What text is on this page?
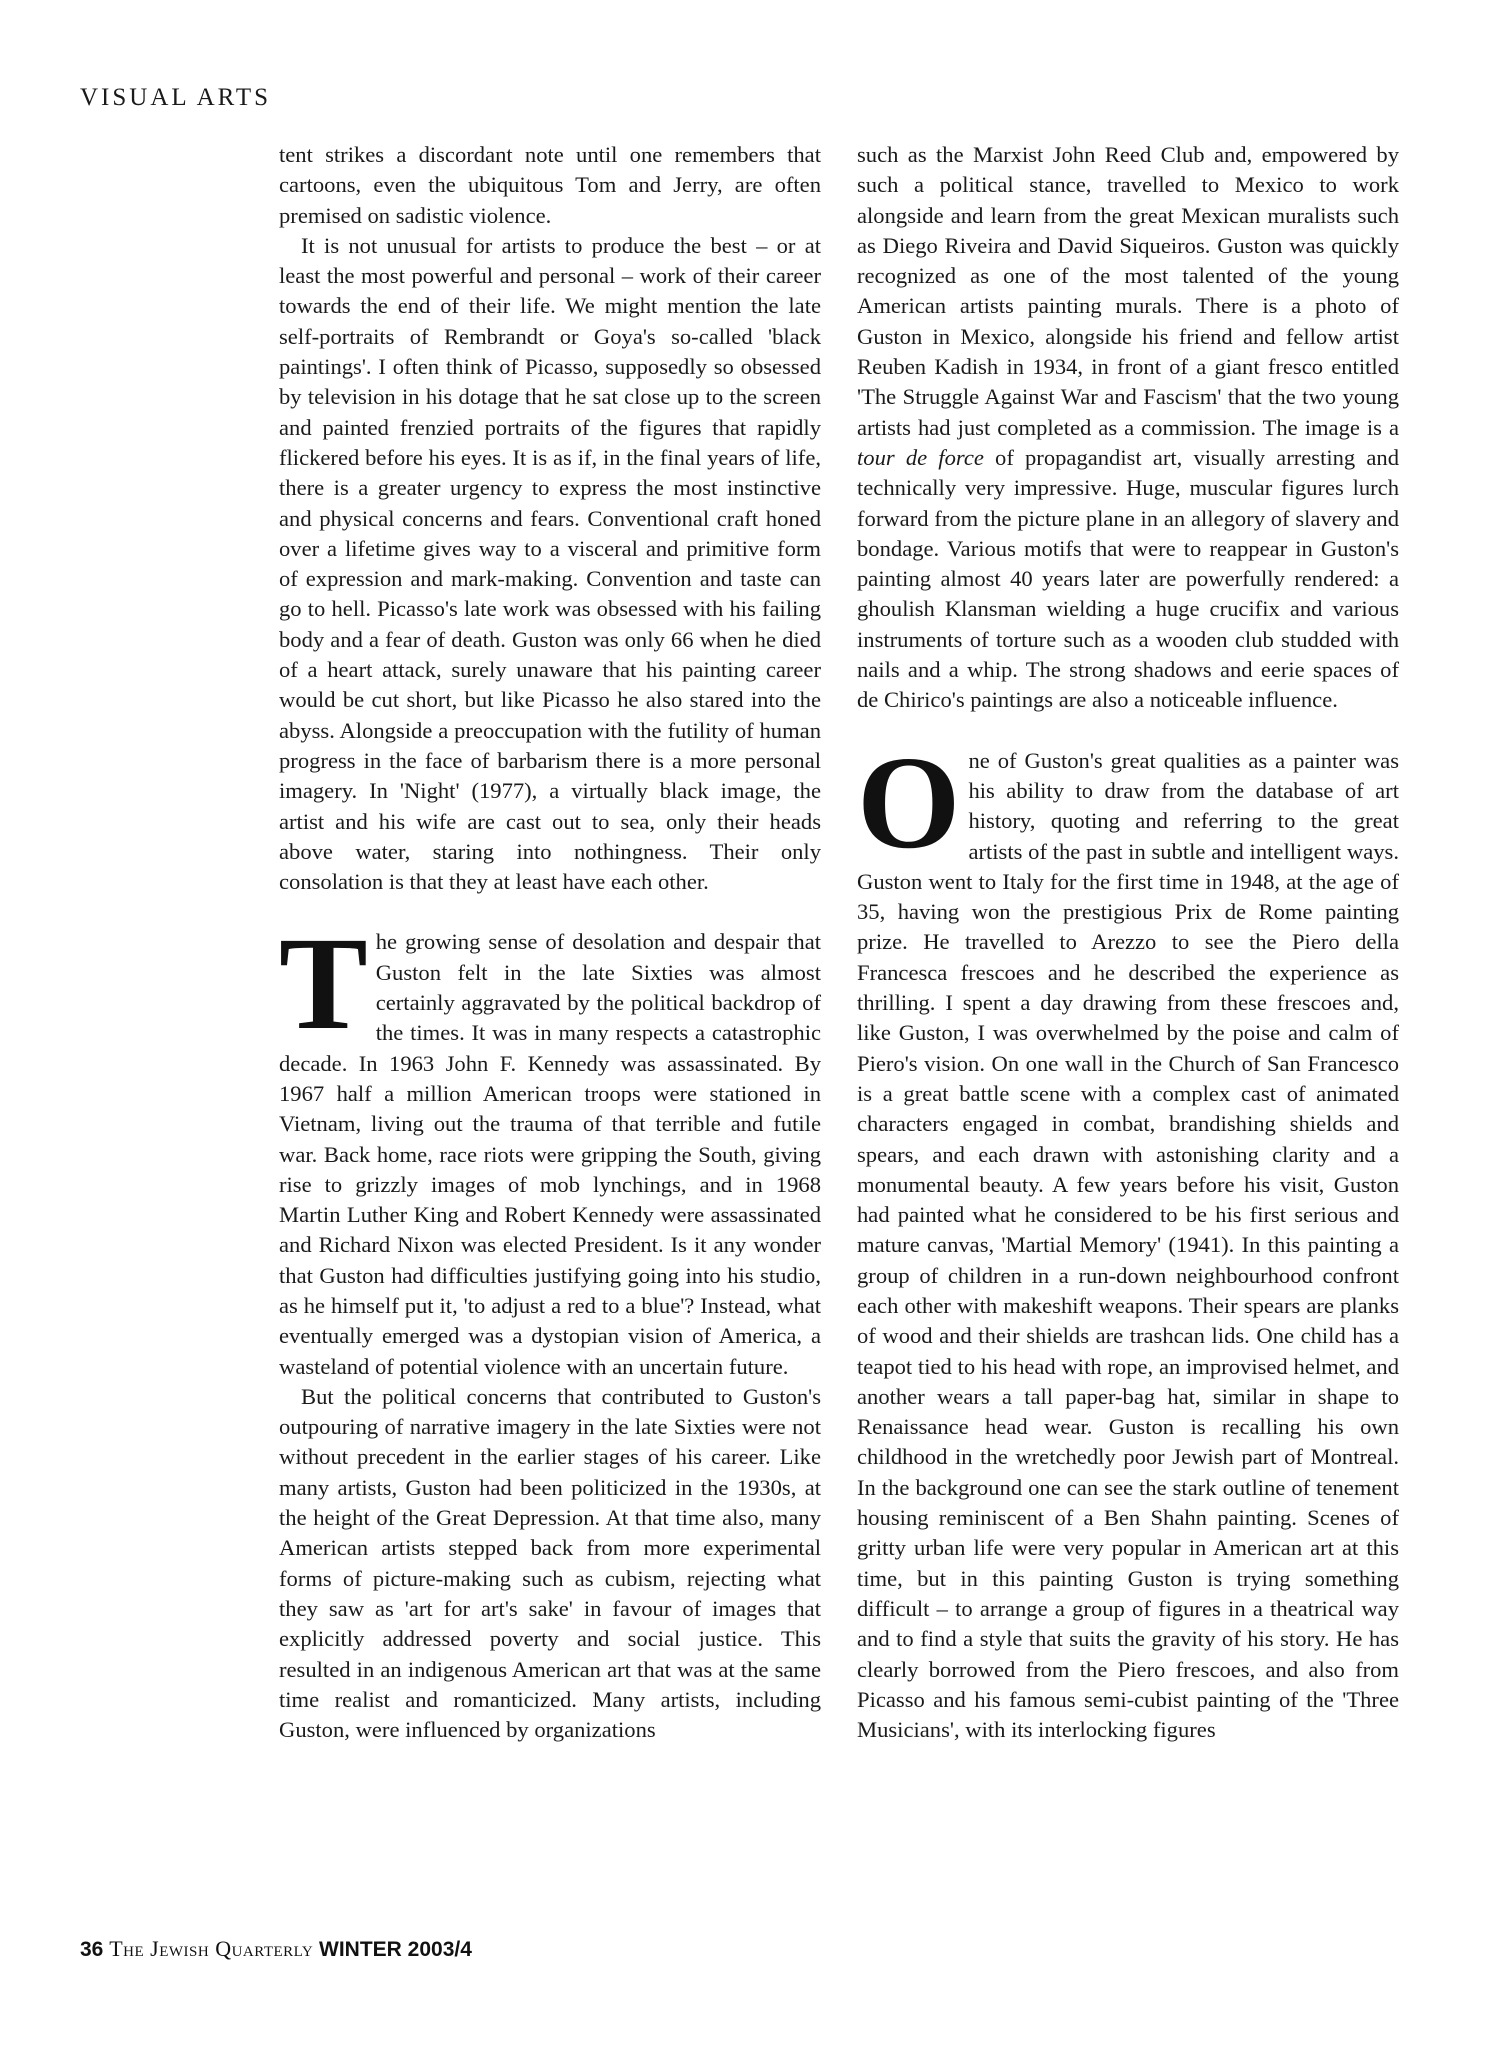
VISUAL ARTS

tent strikes a discordant note until one remembers that cartoons, even the ubiquitous Tom and Jerry, are often premised on sadistic violence.

It is not unusual for artists to produce the best – or at least the most powerful and personal – work of their career towards the end of their life. We might mention the late self-portraits of Rembrandt or Goya's so-called 'black paintings'. I often think of Picasso, supposedly so obsessed by television in his dotage that he sat close up to the screen and painted frenzied portraits of the figures that rapidly flickered before his eyes. It is as if, in the final years of life, there is a greater urgency to express the most instinctive and physical concerns and fears. Conventional craft honed over a lifetime gives way to a visceral and primitive form of expression and mark-making. Convention and taste can go to hell. Picasso's late work was obsessed with his failing body and a fear of death. Guston was only 66 when he died of a heart attack, surely unaware that his painting career would be cut short, but like Picasso he also stared into the abyss. Alongside a preoccupation with the futility of human progress in the face of barbarism there is a more personal imagery. In 'Night' (1977), a virtually black image, the artist and his wife are cast out to sea, only their heads above water, staring into nothingness. Their only consolation is that they at least have each other.

The growing sense of desolation and despair that Guston felt in the late Sixties was almost certainly aggravated by the political backdrop of the times. It was in many respects a catastrophic decade. In 1963 John F. Kennedy was assassinated. By 1967 half a million American troops were stationed in Vietnam, living out the trauma of that terrible and futile war. Back home, race riots were gripping the South, giving rise to grizzly images of mob lynchings, and in 1968 Martin Luther King and Robert Kennedy were assassinated and Richard Nixon was elected President. Is it any wonder that Guston had difficulties justifying going into his studio, as he himself put it, 'to adjust a red to a blue'? Instead, what eventually emerged was a dystopian vision of America, a wasteland of potential violence with an uncertain future.

But the political concerns that contributed to Guston's outpouring of narrative imagery in the late Sixties were not without precedent in the earlier stages of his career. Like many artists, Guston had been politicized in the 1930s, at the height of the Great Depression. At that time also, many American artists stepped back from more experimental forms of picture-making such as cubism, rejecting what they saw as 'art for art's sake' in favour of images that explicitly addressed poverty and social justice. This resulted in an indigenous American art that was at the same time realist and romanticized. Many artists, including Guston, were influenced by organizations

such as the Marxist John Reed Club and, empowered by such a political stance, travelled to Mexico to work alongside and learn from the great Mexican muralists such as Diego Riveira and David Siqueiros. Guston was quickly recognized as one of the most talented of the young American artists painting murals. There is a photo of Guston in Mexico, alongside his friend and fellow artist Reuben Kadish in 1934, in front of a giant fresco entitled 'The Struggle Against War and Fascism' that the two young artists had just completed as a commission. The image is a tour de force of propagandist art, visually arresting and technically very impressive. Huge, muscular figures lurch forward from the picture plane in an allegory of slavery and bondage. Various motifs that were to reappear in Guston's painting almost 40 years later are powerfully rendered: a ghoulish Klansman wielding a huge crucifix and various instruments of torture such as a wooden club studded with nails and a whip. The strong shadows and eerie spaces of de Chirico's paintings are also a noticeable influence.

One of Guston's great qualities as a painter was his ability to draw from the database of art history, quoting and referring to the great artists of the past in subtle and intelligent ways. Guston went to Italy for the first time in 1948, at the age of 35, having won the prestigious Prix de Rome painting prize. He travelled to Arezzo to see the Piero della Francesca frescoes and he described the experience as thrilling. I spent a day drawing from these frescoes and, like Guston, I was overwhelmed by the poise and calm of Piero's vision. On one wall in the Church of San Francesco is a great battle scene with a complex cast of animated characters engaged in combat, brandishing shields and spears, and each drawn with astonishing clarity and a monumental beauty. A few years before his visit, Guston had painted what he considered to be his first serious and mature canvas, 'Martial Memory' (1941). In this painting a group of children in a run-down neighbourhood confront each other with makeshift weapons. Their spears are planks of wood and their shields are trashcan lids. One child has a teapot tied to his head with rope, an improvised helmet, and another wears a tall paper-bag hat, similar in shape to Renaissance head wear. Guston is recalling his own childhood in the wretchedly poor Jewish part of Montreal. In the background one can see the stark outline of tenement housing reminiscent of a Ben Shahn painting. Scenes of gritty urban life were very popular in American art at this time, but in this painting Guston is trying something difficult – to arrange a group of figures in a theatrical way and to find a style that suits the gravity of his story. He has clearly borrowed from the Piero frescoes, and also from Picasso and his famous semi-cubist painting of the 'Three Musicians', with its interlocking figures

36 The Jewish Quarterly WINTER 2003/4
